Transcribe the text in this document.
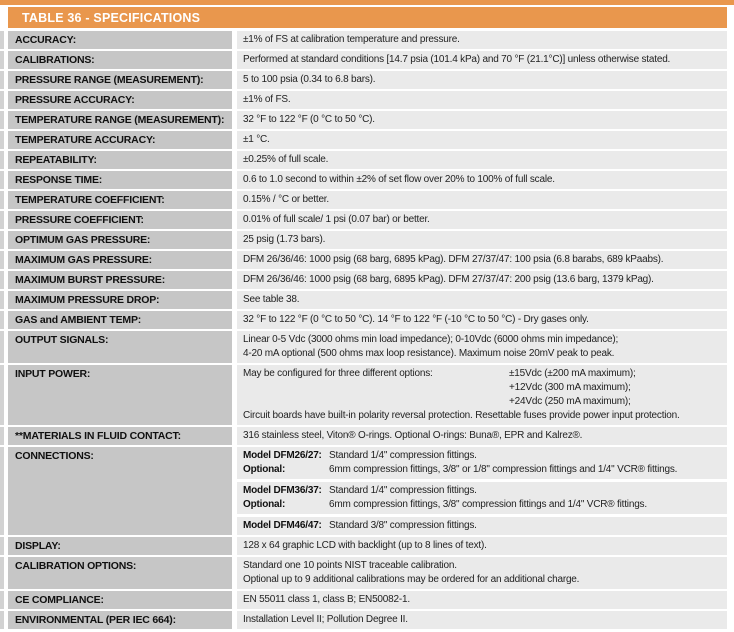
TABLE 36 - SPECIFICATIONS
ACCURACY:	±1% of FS at calibration temperature and pressure.
CALIBRATIONS:	Performed at standard conditions [14.7 psia (101.4 kPa) and 70 °F (21.1°C)] unless otherwise stated.
PRESSURE RANGE (MEASUREMENT):	5 to 100 psia (0.34 to 6.8 bars).
PRESSURE ACCURACY:	±1% of FS.
TEMPERATURE RANGE (MEASUREMENT):	32 °F to 122 °F (0 °C to 50 °C).
TEMPERATURE ACCURACY:	±1 °C.
REPEATABILITY:	±0.25% of full scale.
RESPONSE TIME:	0.6 to 1.0 second to within ±2% of set flow over 20% to 100% of full scale.
TEMPERATURE COEFFICIENT:	0.15% / °C or better.
PRESSURE COEFFICIENT:	0.01% of full scale/ 1 psi (0.07 bar) or better.
OPTIMUM GAS PRESSURE:	25 psig (1.73 bars).
MAXIMUM GAS PRESSURE:	DFM 26/36/46: 1000 psig (68 barg, 6895 kPag). DFM 27/37/47: 100 psia (6.8 barabs, 689 kPaabs).
MAXIMUM BURST PRESSURE:	DFM 26/36/46: 1000 psig (68 barg, 6895 kPag). DFM 27/37/47: 200 psig (13.6 barg, 1379 kPag).
MAXIMUM PRESSURE DROP:	See table 38.
GAS and AMBIENT TEMP:	32 °F to 122 °F (0 °C to 50 °C). 14 °F to 122 °F (-10 °C to 50 °C) - Dry gases only.
OUTPUT SIGNALS:	Linear 0-5 Vdc (3000 ohms min load impedance); 0-10Vdc (6000 ohms min impedance);
4-20 mA optional (500 ohms max loop resistance). Maximum noise 20mV peak to peak.
INPUT POWER:	May be configured for three different options:	±15Vdc (±200 mA maximum);
+12Vdc (300 mA maximum);
+24Vdc (250 mA maximum);
Circuit boards have built-in polarity reversal protection. Resettable fuses provide power input protection.
**MATERIALS IN FLUID CONTACT:	316 stainless steel, Viton® O-rings. Optional O-rings: Buna®, EPR and Kalrez®.
CONNECTIONS:	Model DFM26/27: Standard 1/4" compression fittings.
Optional:	6mm compression fittings, 3/8" or 1/8" compression fittings and 1/4" VCR® fittings.
Model DFM36/37: Standard 1/4" compression fittings.
Optional:	6mm compression fittings, 3/8" compression fittings and 1/4" VCR® fittings.
Model DFM46/47: Standard 3/8" compression fittings.
DISPLAY:	128 x 64 graphic LCD with backlight (up to 8 lines of text).
CALIBRATION OPTIONS:	Standard one 10 points NIST traceable calibration.
Optional up to 9 additional calibrations may be ordered for an additional charge.
CE COMPLIANCE:	EN 55011 class 1, class B; EN50082-1.
ENVIRONMENTAL (PER IEC 664):	Installation Level II; Pollution Degree II.
